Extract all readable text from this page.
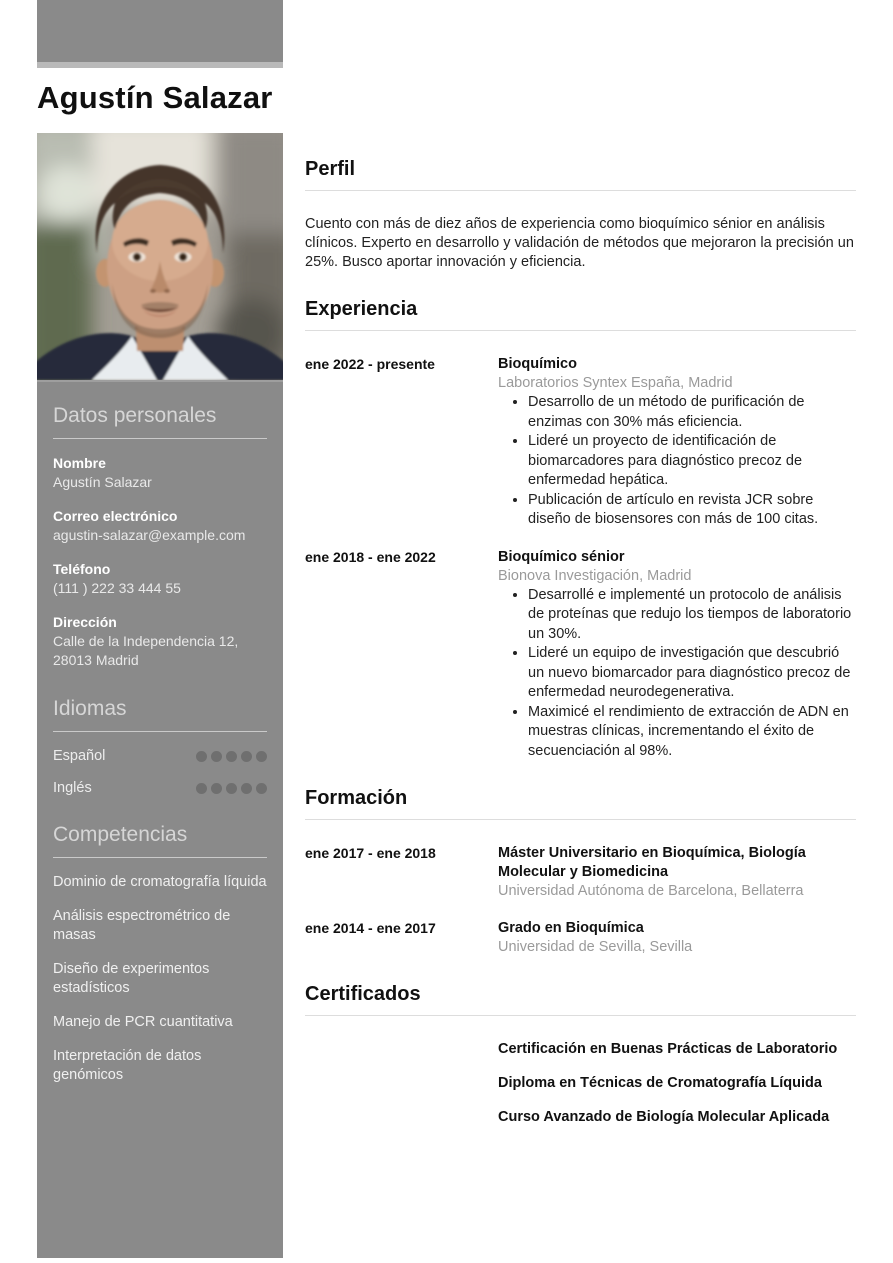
Agustín Salazar
Datos personales
Nombre
Agustín Salazar
Correo electrónico
agustin-salazar@example.com
Teléfono
(111 ) 222 33 444 55
Dirección
Calle de la Independencia 12, 28013 Madrid
Idiomas
Español
Inglés
Competencias
Dominio de cromatografía líquida
Análisis espectrométrico de masas
Diseño de experimentos estadísticos
Manejo de PCR cuantitativa
Interpretación de datos genómicos
Perfil

Cuento con más de diez años de experiencia como bioquímico sénior en análisis clínicos. Experto en desarrollo y validación de métodos que mejoraron la precisión un 25%. Busco aportar innovación y eficiencia.

Experiencia
ene 2022 - presente	Bioquímico
Laboratorios Syntex España, Madrid
• Desarrollo de un método de purificación de enzimas con 30% más eficiencia.
• Lideré un proyecto de identificación de biomarcadores para diagnóstico precoz de enfermedad hepática.
• Publicación de artículo en revista JCR sobre diseño de biosensores con más de 100 citas.
ene 2018 - ene 2022	Bioquímico sénior
Bionova Investigación, Madrid
• Desarrollé e implementé un protocolo de análisis de proteínas que redujo los tiempos de laboratorio un 30%.
• Lideré un equipo de investigación que descubrió un nuevo biomarcador para diagnóstico precoz de enfermedad neurodegenerativa.
• Maximicé el rendimiento de extracción de ADN en muestras clínicas, incrementando el éxito de secuenciación al 98%.
Formación
ene 2017 - ene 2018	Máster Universitario en Bioquímica, Biología Molecular y Biomedicina
Universidad Autónoma de Barcelona, Bellaterra
ene 2014 - ene 2017	Grado en Bioquímica
Universidad de Sevilla, Sevilla
Certificados
Certificación en Buenas Prácticas de Laboratorio
Diploma en Técnicas de Cromatografía Líquida
Curso Avanzado de Biología Molecular Aplicada
